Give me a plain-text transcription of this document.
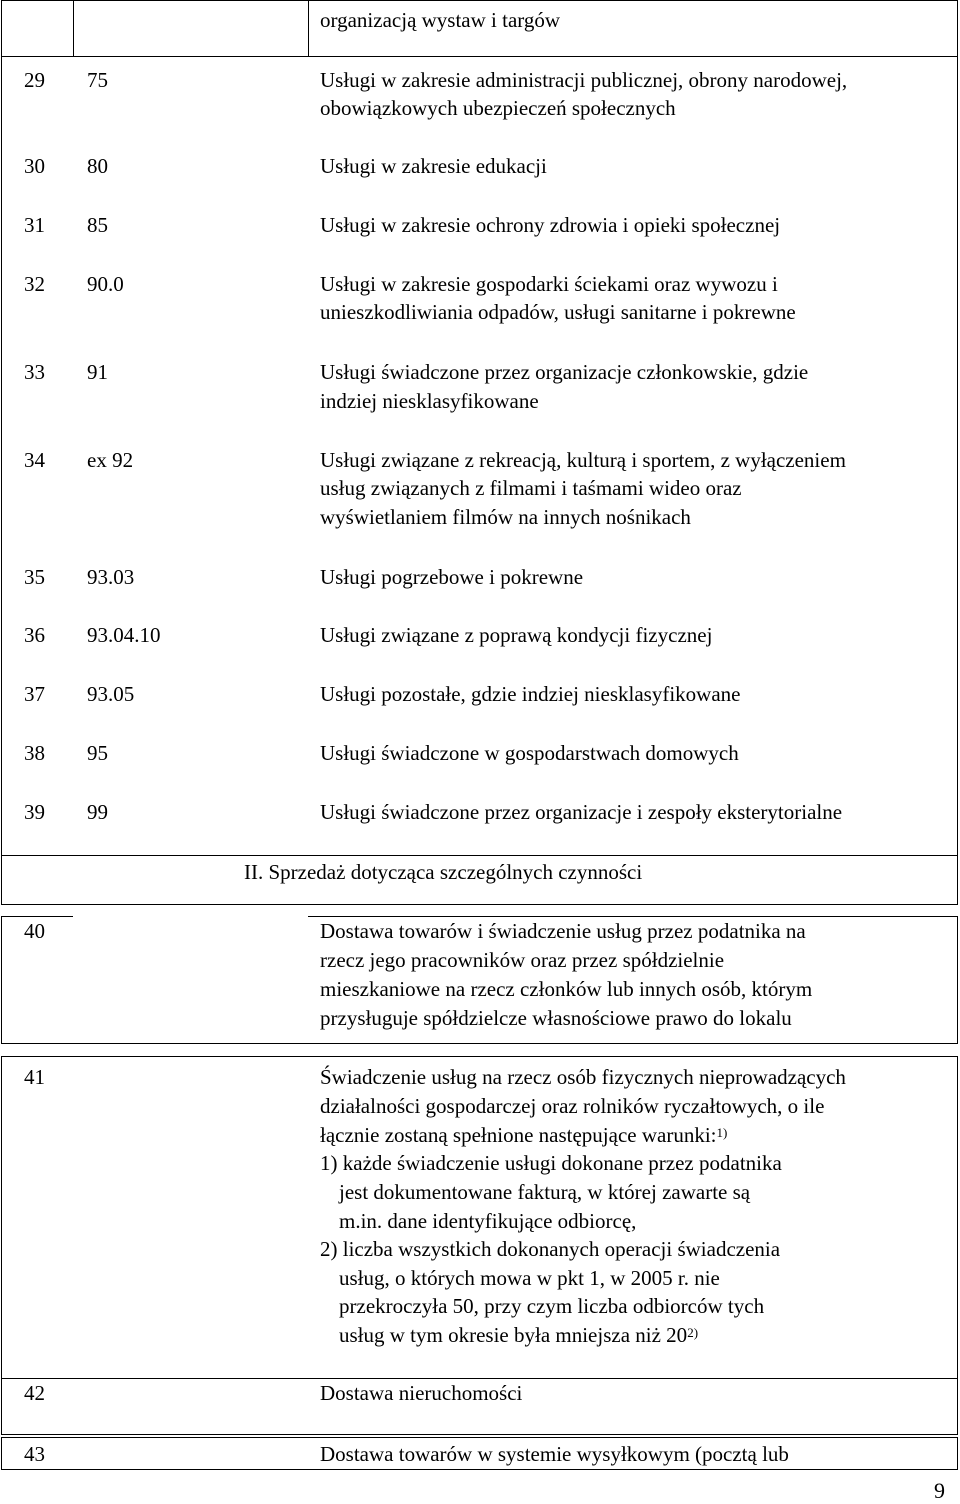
organizacją wystaw i targów
29 75	Usługi w zakresie administracji publicznej, obrony narodowej,
obowiązkowych ubezpieczeń społecznych
30 80	Usługi w zakresie edukacji
31 85	Usługi w zakresie ochrony zdrowia i opieki społecznej
32 90.0	Usługi w zakresie gospodarki ściekami oraz wywozu i
unieszkodliwiania odpadów, usługi sanitarne i pokrewne
33 91	Usługi świadczone przez organizacje członkowskie, gdzie
indziej niesklasyfikowane
34 ex 92	Usługi związane z rekreacją, kulturą i sportem, z wyłączeniem
usług związanych z filmami i taśmami wideo oraz
wyświetlaniem filmów na innych nośnikach
35 93.03	Usługi pogrzebowe i pokrewne
36 93.04.10	Usługi związane z poprawą kondycji fizycznej
37 93.05	Usługi pozostałe, gdzie indziej niesklasyfikowane
38 95	Usługi świadczone w gospodarstwach domowych
39 99	Usługi świadczone przez organizacje i zespoły eksterytorialne
II. Sprzedaż dotycząca szczególnych czynności
40	Dostawa towarów i świadczenie usług przez podatnika na
rzecz jego pracowników oraz przez spółdzielnie
mieszkaniowe na rzecz członków lub innych osób, którym
przysługuje spółdzielcze własnościowe prawo do lokalu
41	Świadczenie usług na rzecz osób fizycznych nieprowadzących
działalności gospodarczej oraz rolników ryczałtowych, o ile
łącznie zostaną spełnione następujące warunki:$^{1)}$
1) każde świadczenie usługi dokonane przez podatnika
jest dokumentowane fakturą, w której zawarte są
m.in. dane identyfikujące odbiorcę,
2) liczba wszystkich dokonanych operacji świadczenia
usług, o których mowa w pkt 1, w 2005 r. nie
przekroczyła 50, przy czym liczba odbiorców tych
usług w tym okresie była mniejsza niż 20$^{2)}$
42	Dostawa nieruchomości
43	Dostawa towarów w systemie wysyłkowym (pocztą lub
9
